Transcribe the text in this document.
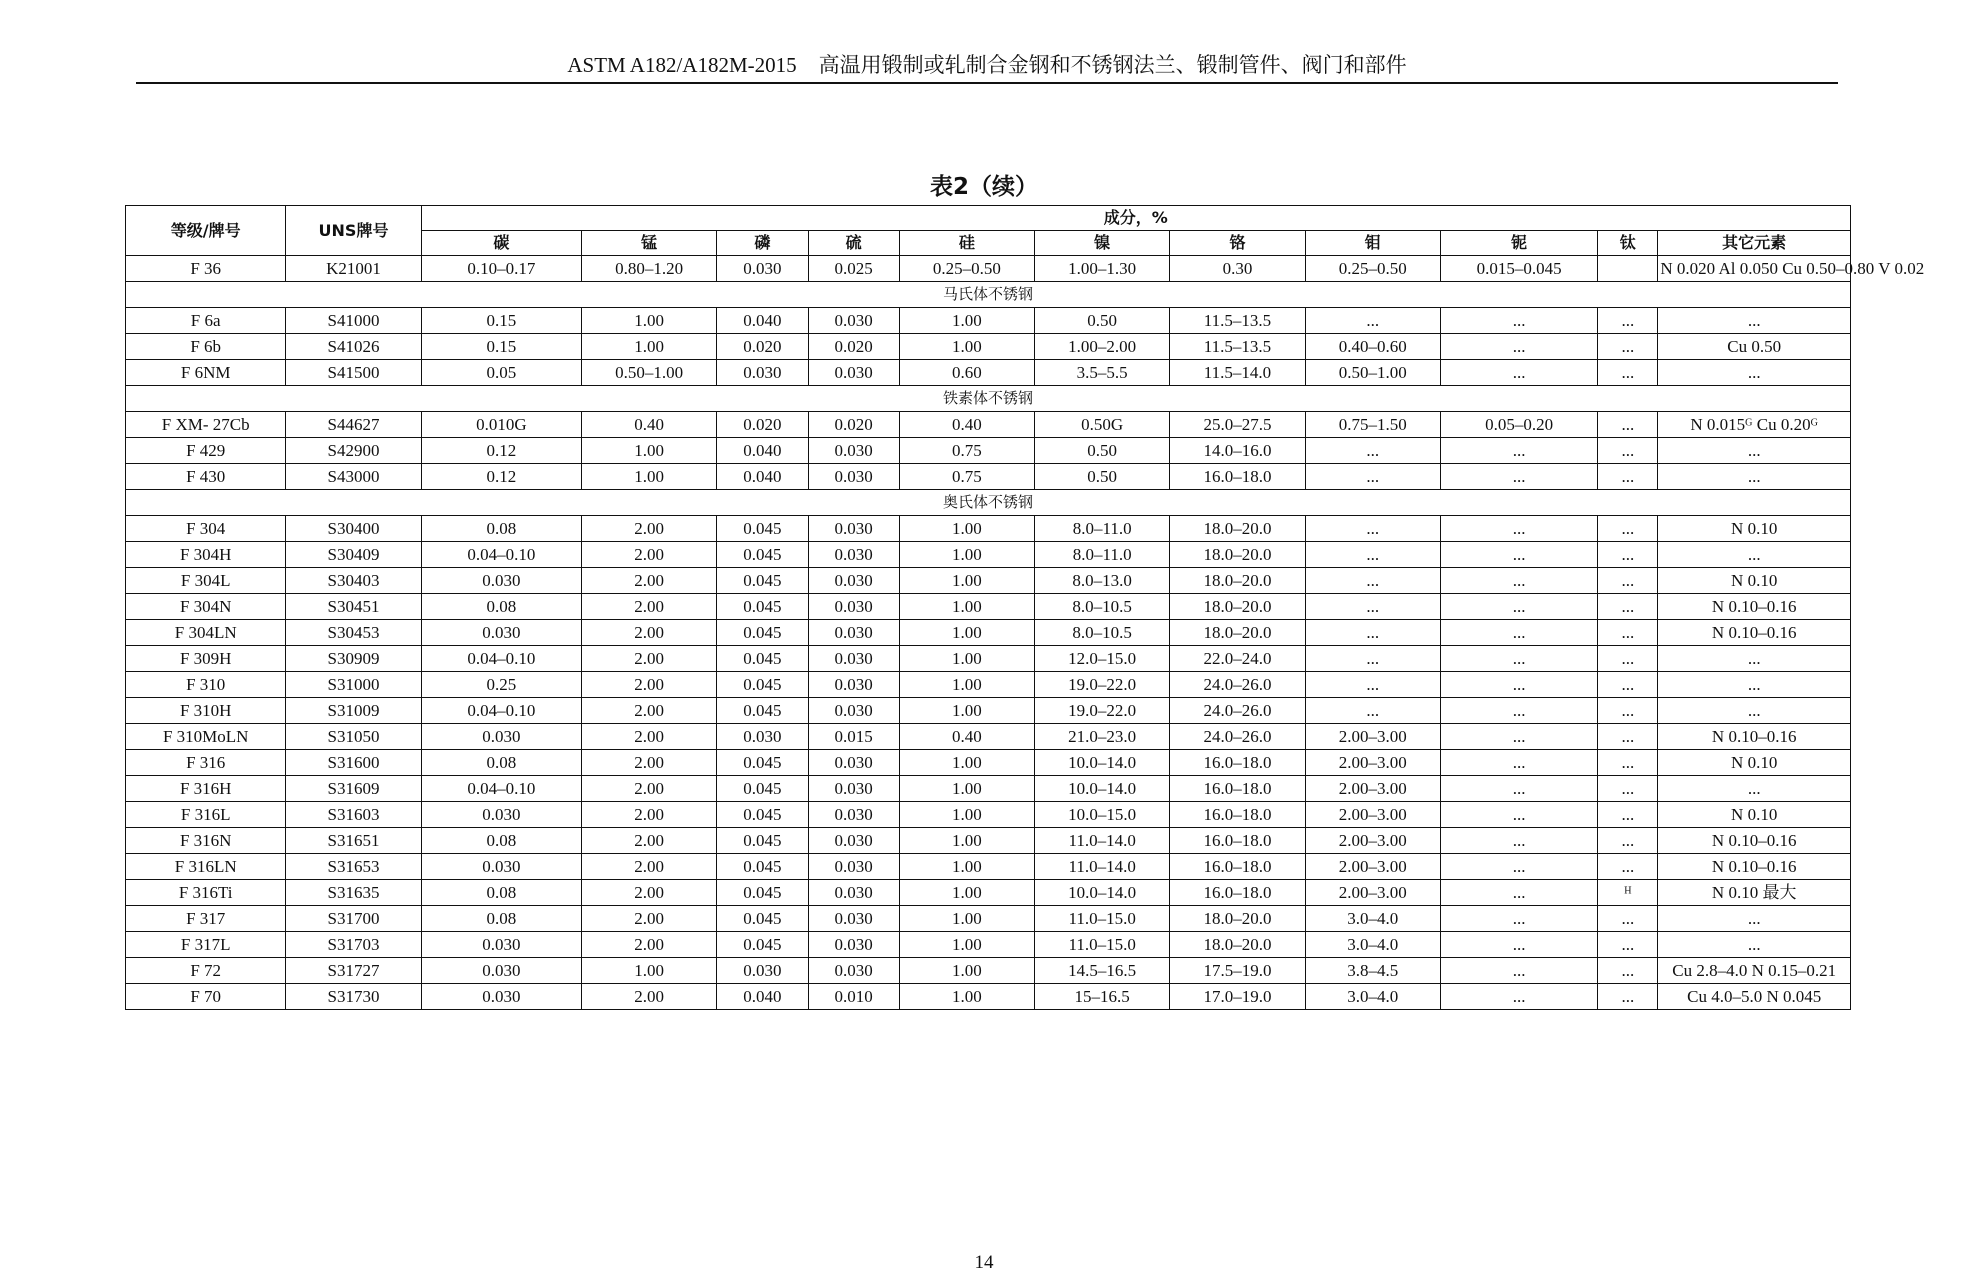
ASTM A182/A182M-2015 高温用锻制或轧制合金钢和不锈钢法兰、锻制管件、阀门和部件
表2（续）
等级/牌号	UNS牌号	成分，%										
		碳	锰	磷	硫	硅	镍	铬	钼	铌	钛	其它元素
F 36	K21001	0.10–0.17	0.80–1.20	0.030	0.025	0.25–0.50	1.00–1.30	0.30	0.25–0.50	0.015–0.045		N 0.020 Al 0.050 Cu 0.50–0.80 V 0.02
马氏体不锈钢												
F 6a	S41000	0.15	1.00	0.040	0.030	1.00	0.50	11.5–13.5	...	...	...	...
F 6b	S41026	0.15	1.00	0.020	0.020	1.00	1.00–2.00	11.5–13.5	0.40–0.60	...	...	Cu 0.50
F 6NM	S41500	0.05	0.50–1.00	0.030	0.030	0.60	3.5–5.5	11.5–14.0	0.50–1.00	...	...	...
铁素体不锈钢												
F XM- 27Cb	S44627	0.010G	0.40	0.020	0.020	0.40	0.50G	25.0–27.5	0.75–1.50	0.05–0.20	...	N 0.015ᴳ Cu 0.20ᴳ
F 429	S42900	0.12	1.00	0.040	0.030	0.75	0.50	14.0–16.0	...	...	...	...
F 430	S43000	0.12	1.00	0.040	0.030	0.75	0.50	16.0–18.0	...	...	...	...
奥氏体不锈钢												
F 304	S30400	0.08	2.00	0.045	0.030	1.00	8.0–11.0	18.0–20.0	...	...	...	N 0.10
F 304H	S30409	0.04–0.10	2.00	0.045	0.030	1.00	8.0–11.0	18.0–20.0	...	...	...	...
F 304L	S30403	0.030	2.00	0.045	0.030	1.00	8.0–13.0	18.0–20.0	...	...	...	N 0.10
F 304N	S30451	0.08	2.00	0.045	0.030	1.00	8.0–10.5	18.0–20.0	...	...	...	N 0.10–0.16
F 304LN	S30453	0.030	2.00	0.045	0.030	1.00	8.0–10.5	18.0–20.0	...	...	...	N 0.10–0.16
F 309H	S30909	0.04–0.10	2.00	0.045	0.030	1.00	12.0–15.0	22.0–24.0	...	...	...	...
F 310	S31000	0.25	2.00	0.045	0.030	1.00	19.0–22.0	24.0–26.0	...	...	...	...
F 310H	S31009	0.04–0.10	2.00	0.045	0.030	1.00	19.0–22.0	24.0–26.0	...	...	...	...
F 310MoLN	S31050	0.030	2.00	0.030	0.015	0.40	21.0–23.0	24.0–26.0	2.00–3.00	...	...	N 0.10–0.16
F 316	S31600	0.08	2.00	0.045	0.030	1.00	10.0–14.0	16.0–18.0	2.00–3.00	...	...	N 0.10
F 316H	S31609	0.04–0.10	2.00	0.045	0.030	1.00	10.0–14.0	16.0–18.0	2.00–3.00	...	...	...
F 316L	S31603	0.030	2.00	0.045	0.030	1.00	10.0–15.0	16.0–18.0	2.00–3.00	...	...	N 0.10
F 316N	S31651	0.08	2.00	0.045	0.030	1.00	11.0–14.0	16.0–18.0	2.00–3.00	...	...	N 0.10–0.16
F 316LN	S31653	0.030	2.00	0.045	0.030	1.00	11.0–14.0	16.0–18.0	2.00–3.00	...	...	N 0.10–0.16
F 316Ti	S31635	0.08	2.00	0.045	0.030	1.00	10.0–14.0	16.0–18.0	2.00–3.00	...	ᴴ	N 0.10 最大
F 317	S31700	0.08	2.00	0.045	0.030	1.00	11.0–15.0	18.0–20.0	3.0–4.0	...	...	...
F 317L	S31703	0.030	2.00	0.045	0.030	1.00	11.0–15.0	18.0–20.0	3.0–4.0	...	...	...
F 72	S31727	0.030	1.00	0.030	0.030	1.00	14.5–16.5	17.5–19.0	3.8–4.5	...	...	Cu 2.8–4.0 N 0.15–0.21
F 70	S31730	0.030	2.00	0.040	0.010	1.00	15–16.5	17.0–19.0	3.0–4.0	...	...	Cu 4.0–5.0 N 0.045
14
